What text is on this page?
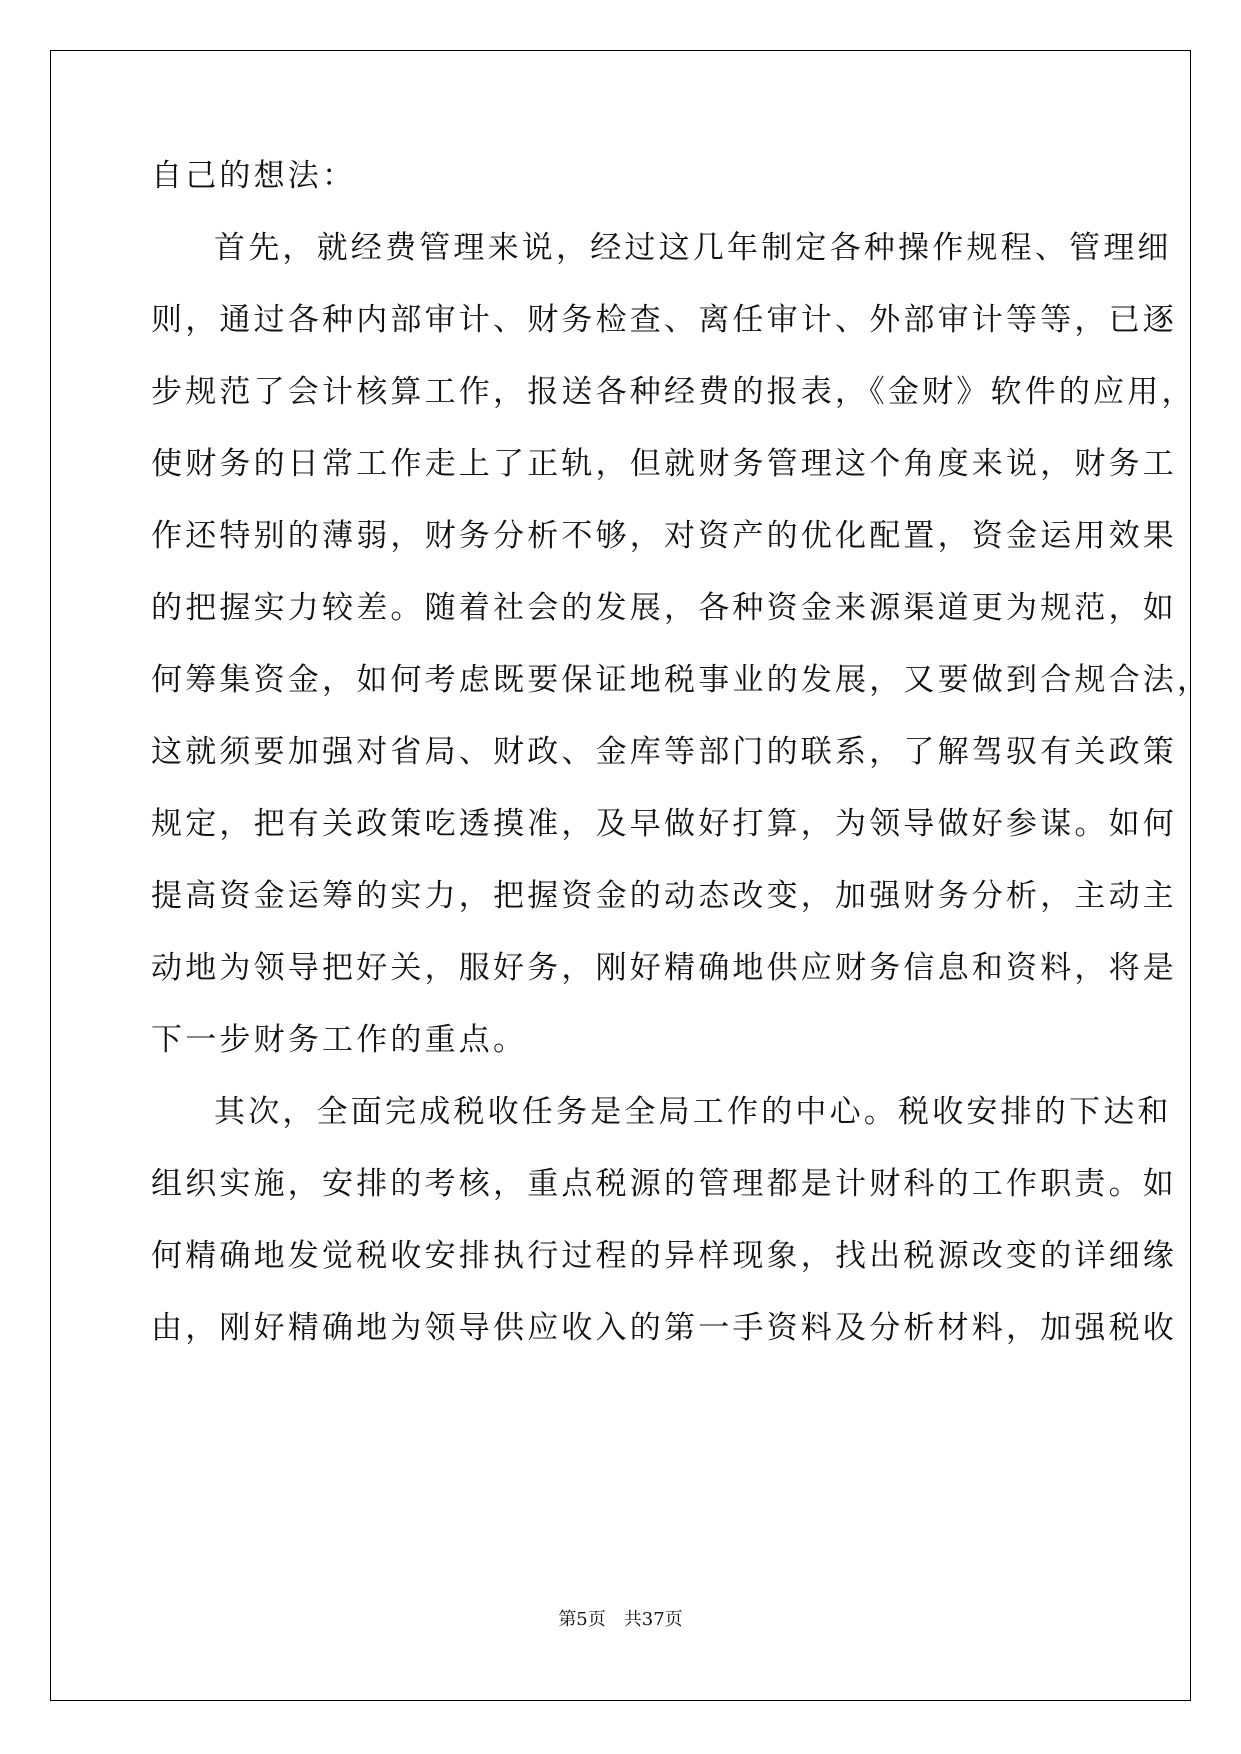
自己的想法：
首先，就经费管理来说，经过这几年制定各种操作规程、管理细
则，通过各种内部审计、财务检查、离任审计、外部审计等等，已逐
步规范了会计核算工作，报送各种经费的报表，《金财》软件的应用，
使财务的日常工作走上了正轨，但就财务管理这个角度来说，财务工
作还特别的薄弱，财务分析不够，对资产的优化配置，资金运用效果
的把握实力较差。随着社会的发展，各种资金来源渠道更为规范，如
何筹集资金，如何考虑既要保证地税事业的发展，又要做到合规合法，
这就须要加强对省局、财政、金库等部门的联系，了解驾驭有关政策
规定，把有关政策吃透摸准，及早做好打算，为领导做好参谋。如何
提高资金运筹的实力，把握资金的动态改变，加强财务分析，主动主
动地为领导把好关，服好务，刚好精确地供应财务信息和资料，将是
下一步财务工作的重点。
其次，全面完成税收任务是全局工作的中心。税收安排的下达和
组织实施，安排的考核，重点税源的管理都是计财科的工作职责。如
何精确地发觉税收安排执行过程的异样现象，找出税源改变的详细缘
由，刚好精确地为领导供应收入的第一手资料及分析材料，加强税收
第5页 共37页
